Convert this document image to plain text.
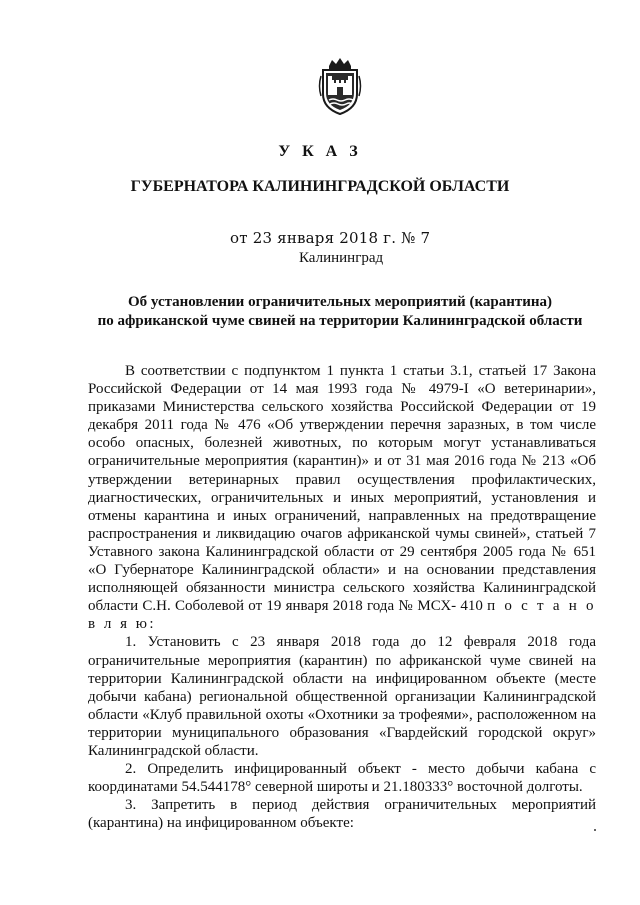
У К А З
ГУБЕРНАТОРА КАЛИНИНГРАДСКОЙ ОБЛАСТИ
от 23 января 2018 г. № 7
Калининград
Об установлении ограничительных мероприятий (карантина)
по африканской чуме свиней на территории Калининградской области

В соответствии с подпунктом 1 пункта 1 статьи 3.1, статьей 17 Закона Российской Федерации от 14 мая 1993 года № 4979-I «О ветеринарии», приказами Министерства сельского хозяйства Российской Федерации от 19 декабря 2011 года № 476 «Об утверждении перечня заразных, в том числе особо опасных, болезней животных, по которым могут устанавливаться ограничительные мероприятия (карантин)» и от 31 мая 2016 года № 213 «Об утверждении ветеринарных правил осуществления профилактических, диагностических, ограничительных и иных мероприятий, установления и отмены карантина и иных ограничений, направленных на предотвращение распространения и ликвидацию очагов африканской чумы свиней», статьей 7 Уставного закона Калининградской области от 29 сентября 2005 года № 651 «О Губернаторе Калининградской области» и на основании представления исполняющей обязанности министра сельского хозяйства Калининградской области С.Н. Соболевой от 19 января 2018 года № МСХ- 410 п о с т а н о в л я ю:

1. Установить с 23 января 2018 года до 12 февраля 2018 года ограничительные мероприятия (карантин) по африканской чуме свиней на территории Калининградской области на инфицированном объекте (месте добычи кабана) региональной общественной организации Калининградской области «Клуб правильной охоты «Охотники за трофеями», расположенном на территории муниципального образования «Гвардейский городской округ» Калининградской области.

2. Определить инфицированный объект - место добычи кабана с координатами 54.544178° северной широты и 21.180333° восточной долготы.

3. Запретить в период действия ограничительных мероприятий (карантина) на инфицированном объекте:
